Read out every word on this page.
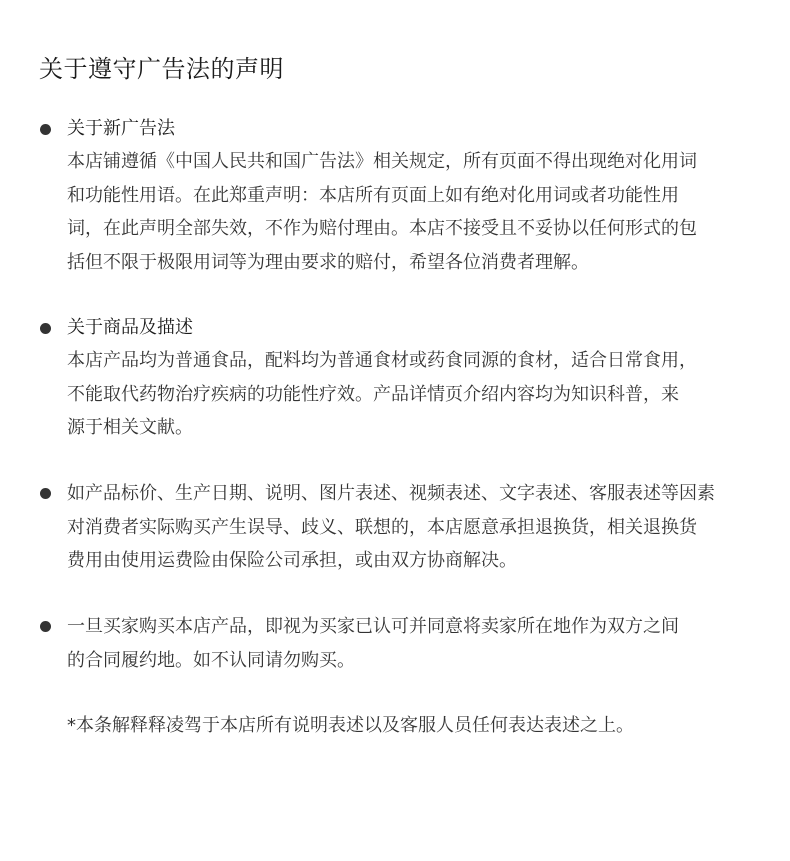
关于遵守广告法的声明
关于新广告法
本店铺遵循《中国人民共和国广告法》相关规定，所有页面不得出现绝对化用词
和功能性用语。在此郑重声明：本店所有页面上如有绝对化用词或者功能性用
词，在此声明全部失效，不作为赔付理由。本店不接受且不妥协以任何形式的包
括但不限于极限用词等为理由要求的赔付，希望各位消费者理解。
关于商品及描述
本店产品均为普通食品，配料均为普通食材或药食同源的食材，适合日常食用，
不能取代药物治疗疾病的功能性疗效。产品详情页介绍内容均为知识科普，来
源于相关文献。
如产品标价、生产日期、说明、图片表述、视频表述、文字表述、客服表述等因素
对消费者实际购买产生误导、歧义、联想的，本店愿意承担退换货，相关退换货
费用由使用运费险由保险公司承担，或由双方协商解决。
一旦买家购买本店产品，即视为买家已认可并同意将卖家所在地作为双方之间
的合同履约地。如不认同请勿购买。
*本条解释释凌驾于本店所有说明表述以及客服人员任何表达表述之上。
